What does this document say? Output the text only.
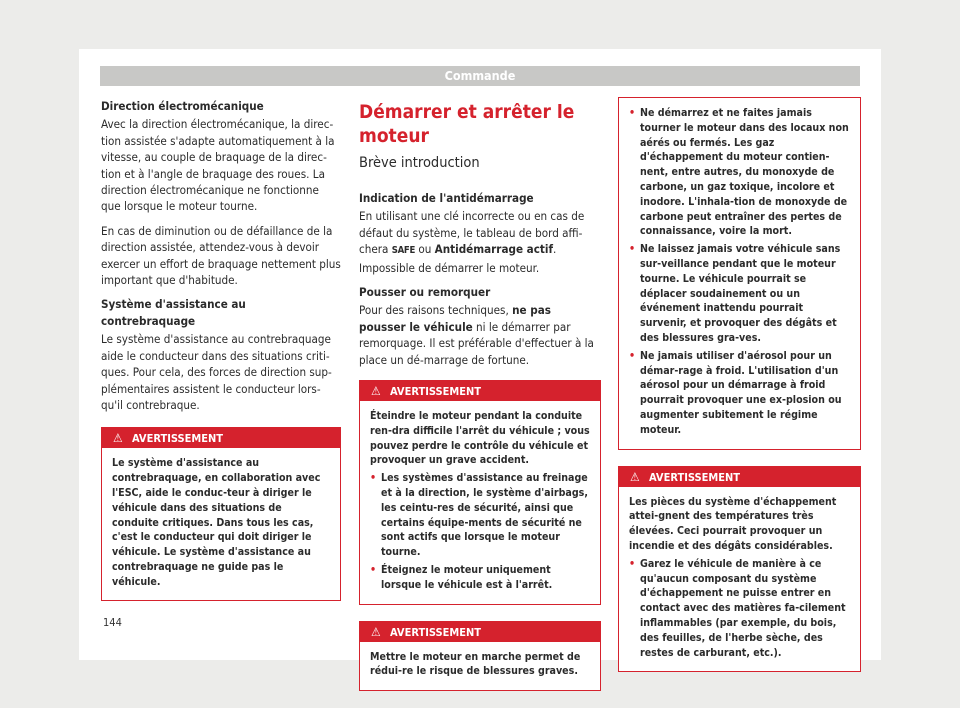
Commande

Direction électromécanique

Avec la direction électromécanique, la direc-tion assistée s'adapte automatiquement à la vitesse, au couple de braquage de la direc-tion et à l'angle de braquage des roues. La direction électromécanique ne fonctionne que lorsque le moteur tourne.

En cas de diminution ou de défaillance de la direction assistée, attendez-vous à devoir exercer un effort de braquage nettement plus important que d'habitude.

Système d'assistance au contrebraquage

Le système d'assistance au contrebraquage aide le conducteur dans des situations criti-ques. Pour cela, des forces de direction sup-plémentaires assistent le conducteur lors-qu'il contrebraque.

⚠ AVERTISSEMENT

Le système d'assistance au contrebraquage, en collaboration avec l'ESC, aide le conduc-teur à diriger le véhicule dans des situations de conduite critiques. Dans tous les cas, c'est le conducteur qui doit diriger le véhicule. Le système d'assistance au contrebraquage ne guide pas le véhicule.

Démarrer et arrêter le moteur
Brève introduction

Indication de l'antidémarrage

En utilisant une clé incorrecte ou en cas de défaut du système, le tableau de bord affi-chera SAFE ou Antidémarrage actif. Impossible de démarrer le moteur.

Pousser ou remorquer

Pour des raisons techniques, ne pas pousser le véhicule ni le démarrer par remorquage. Il est préférable d'effectuer à la place un dé-marrage de fortune.

⚠ AVERTISSEMENT

Éteindre le moteur pendant la conduite ren-dra difficile l'arrêt du véhicule ; vous pouvez perdre le contrôle du véhicule et provoquer un grave accident.

• Les systèmes d'assistance au freinage et à la direction, le système d'airbags, les ceintu-res de sécurité, ainsi que certains équipe-ments de sécurité ne sont actifs que lorsque le moteur tourne.

• Éteignez le moteur uniquement lorsque le véhicule est à l'arrêt.

⚠ AVERTISSEMENT

Mettre le moteur en marche permet de rédui-re le risque de blessures graves.

• Ne démarrez et ne faites jamais tourner le moteur dans des locaux non aérés ou fermés. Les gaz d'échappement du moteur contien-nent, entre autres, du monoxyde de carbone, un gaz toxique, incolore et inodore. L'inhala-tion de monoxyde de carbone peut entraîner des pertes de connaissance, voire la mort.

• Ne laissez jamais votre véhicule sans sur-veillance pendant que le moteur tourne. Le véhicule pourrait se déplacer soudainement ou un événement inattendu pourrait survenir, et provoquer des dégâts et des blessures gra-ves.

• Ne jamais utiliser d'aérosol pour un démar-rage à froid. L'utilisation d'un aérosol pour un démarrage à froid pourrait provoquer une ex-plosion ou augmenter subitement le régime moteur.

⚠ AVERTISSEMENT

Les pièces du système d'échappement attei-gnent des températures très élevées. Ceci pourrait provoquer un incendie et des dégâts considérables.

• Garez le véhicule de manière à ce qu'aucun composant du système d'échappement ne puisse entrer en contact avec des matières fa-cilement inflammables (par exemple, du bois, des feuilles, de l'herbe sèche, des restes de carburant, etc.).

144
